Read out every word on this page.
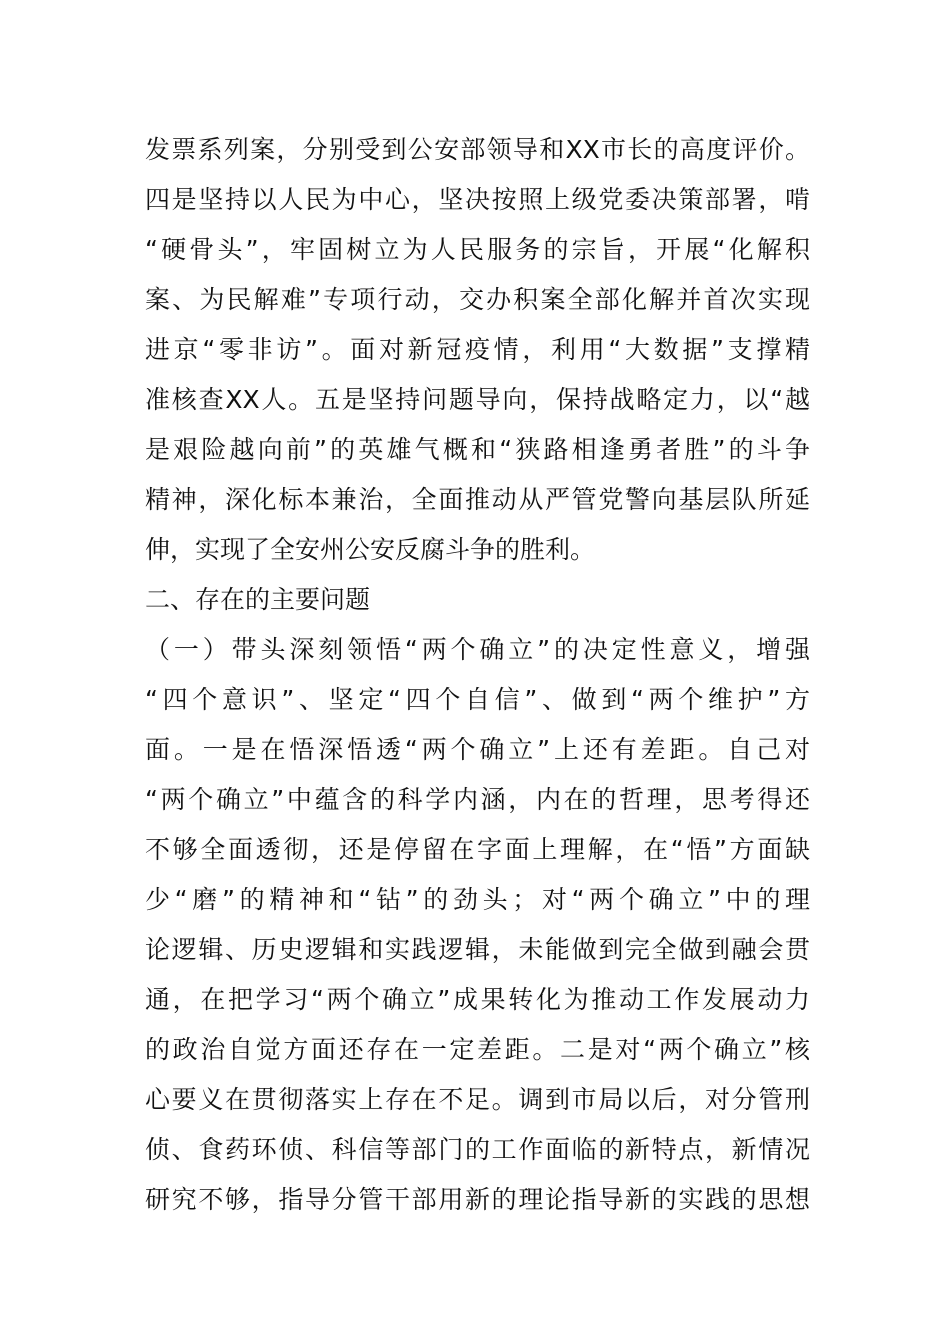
发票系列案，分别受到公安部领导和XX市长的高度评价。
四是坚持以人民为中心，坚决按照上级党委决策部署，啃
“硬骨头”，牢固树立为人民服务的宗旨，开展“化解积
案、为民解难”专项行动，交办积案全部化解并首次实现
进京“零非访”。面对新冠疫情，利用“大数据”支撑精
准核查XX人。五是坚持问题导向，保持战略定力，以“越
是艰险越向前”的英雄气概和“狭路相逢勇者胜”的斗争
精神，深化标本兼治，全面推动从严管党警向基层队所延
伸，实现了全安州公安反腐斗争的胜利。
二、存在的主要问题
（一）带头深刻领悟“两个确立”的决定性意义，增强
“四个意识”、坚定“四个自信”、做到“两个维护”方
面。一是在悟深悟透“两个确立”上还有差距。自己对
“两个确立”中蕴含的科学内涵，内在的哲理，思考得还
不够全面透彻，还是停留在字面上理解，在“悟”方面缺
少“磨”的精神和“钻”的劲头；对“两个确立”中的理
论逻辑、历史逻辑和实践逻辑，未能做到完全做到融会贯
通，在把学习“两个确立”成果转化为推动工作发展动力
的政治自觉方面还存在一定差距。二是对“两个确立”核
心要义在贯彻落实上存在不足。调到市局以后，对分管刑
侦、食药环侦、科信等部门的工作面临的新特点，新情况
研究不够，指导分管干部用新的理论指导新的实践的思想
